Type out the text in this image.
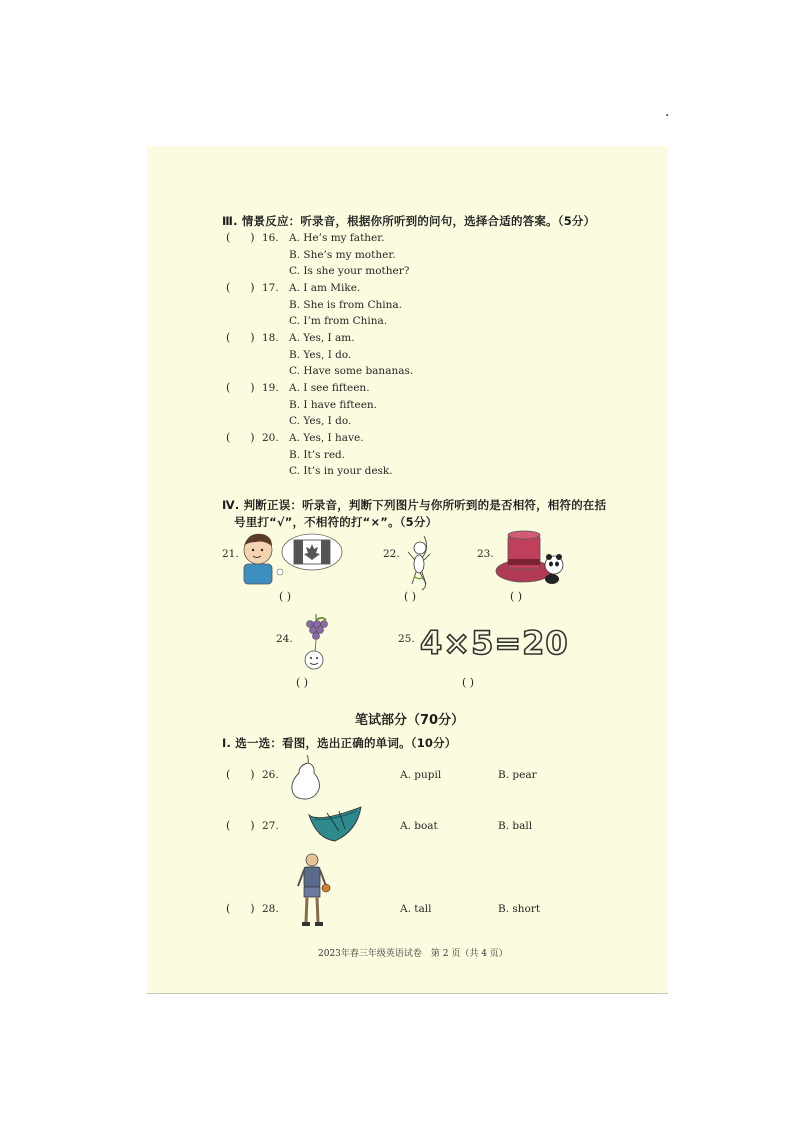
·
Ⅲ. 情景反应：听录音，根据你所听到的问句，选择合适的答案。（5分）
( ) 16. A. He’s my father.
B. She’s my mother.
C. Is she your mother?
( ) 17. A. I am Mike.
B. She is from China.
C. I’m from China.
( ) 18. A. Yes, I am.
B. Yes, I do.
C. Have some bananas.
( ) 19. A. I see fifteen.
B. I have fifteen.
C. Yes, I do.
( ) 20. A. Yes, I have.
B. It’s red.
C. It’s in your desk.
Ⅳ. 判断正误：听录音，判断下列图片与你所听到的是否相符，相符的在括
号里打“√”，不相符的打“×”。（5分）
21.
( )
22.
( )
23.
( )
24.
( )
25. 4×5=20
( )
笔试部分（70分）
Ⅰ. 选一选：看图，选出正确的单词。（10分）
( ) 26.	A. pupil	B. pear
( ) 27.	A. boat	B. ball
( ) 28.	A. tall	B. short
2023年春三年级英语试卷　第 2 页（共 4 页）
